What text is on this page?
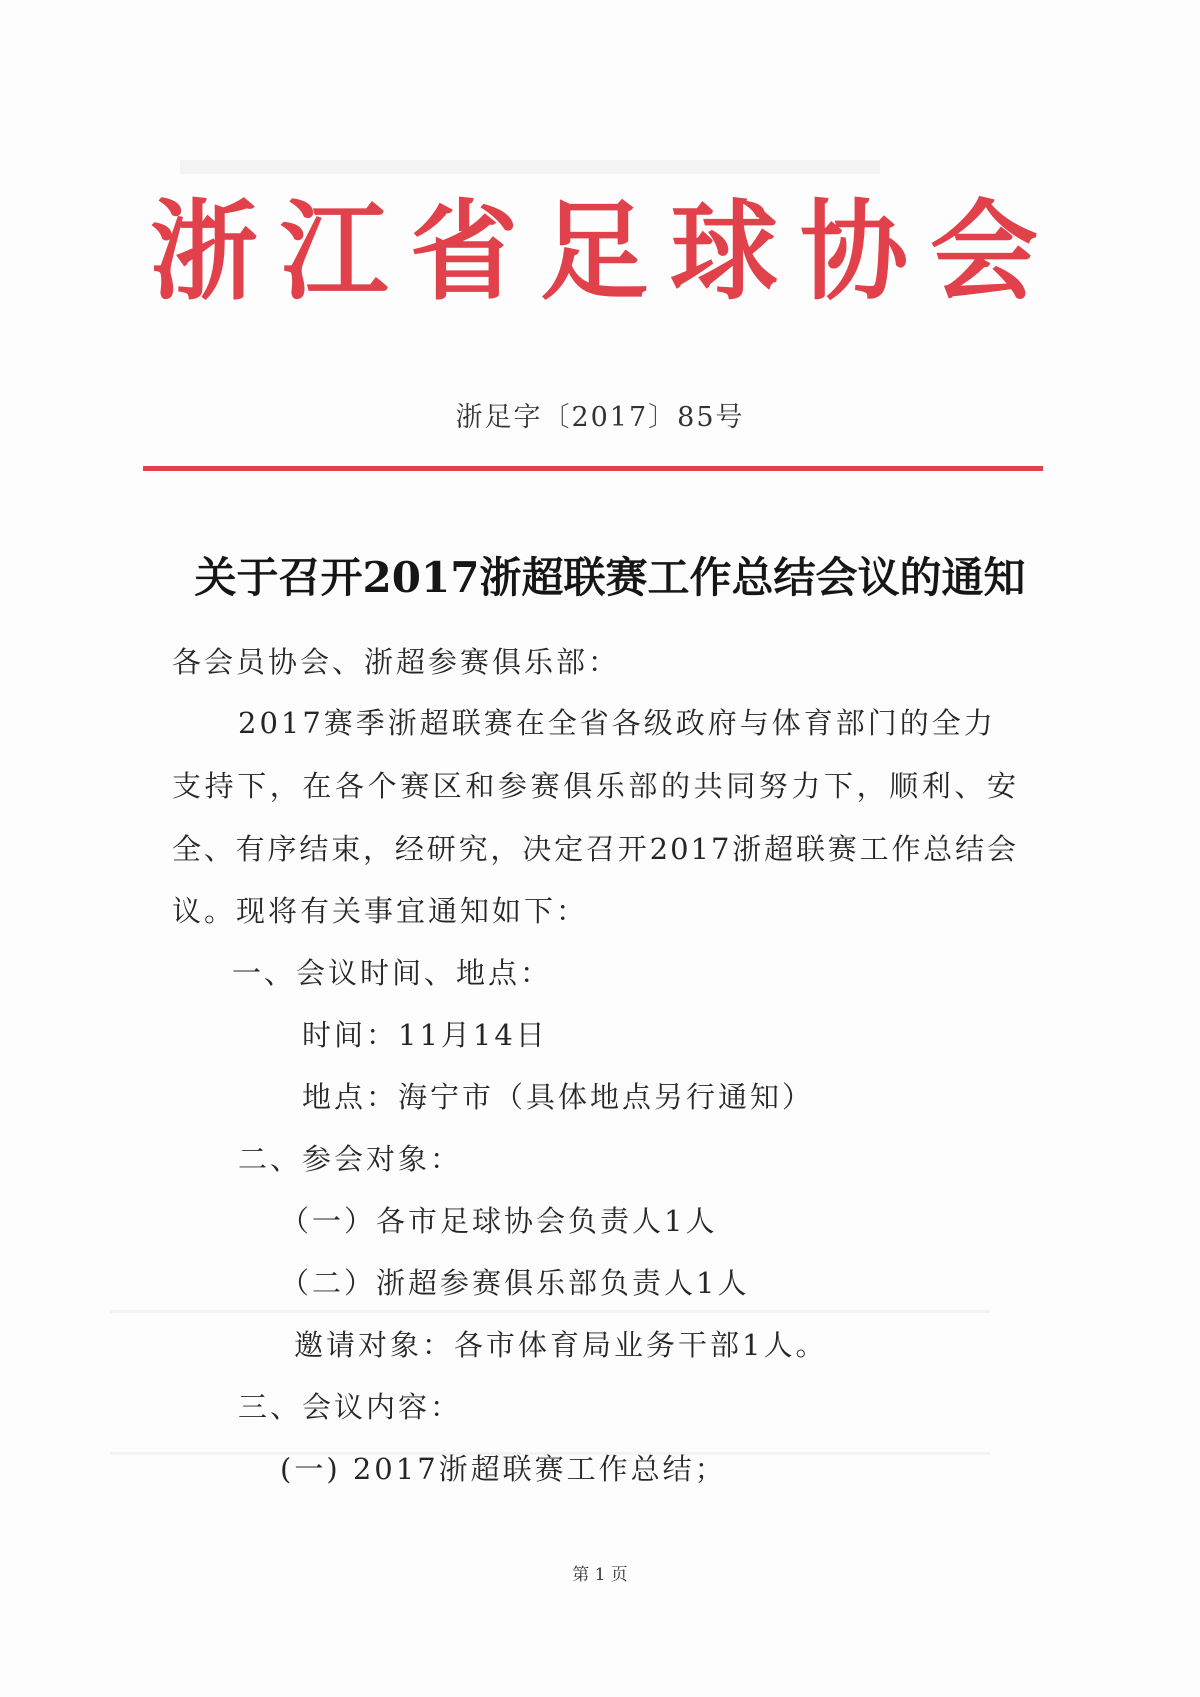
浙江省足球协会
浙足字〔2017〕85号
关于召开2017浙超联赛工作总结会议的通知
各会员协会、浙超参赛俱乐部：
2017赛季浙超联赛在全省各级政府与体育部门的全力
支持下，在各个赛区和参赛俱乐部的共同努力下，顺利、安
全、有序结束，经研究，决定召开2017浙超联赛工作总结会
议。现将有关事宜通知如下：
一、会议时间、地点：
时间：11月14日
地点：海宁市（具体地点另行通知）
二、参会对象：
（一）各市足球协会负责人1人
（二）浙超参赛俱乐部负责人1人
邀请对象：各市体育局业务干部1人。
三、会议内容：
(一) 2017浙超联赛工作总结；
第 1 页
